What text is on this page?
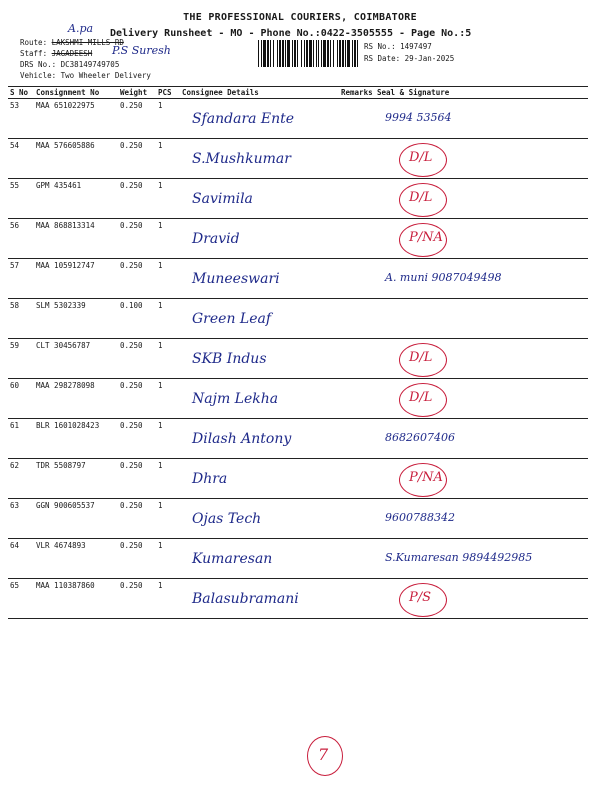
THE PROFESSIONAL COURIERS, COIMBATORE
A.pa Delivery Runsheet - MO - Phone No.:0422-3505555 - Page No.:5
Route: LAKSHMI MILLS RD
Staff: JAGADEESH P.S Suresh
DRS No.: DC38149749705
Vehicle: Two Wheeler Delivery
RS No.: 1497497
RS Date: 29-Jan-2025
S No	Consignment No	Weight	PCS	Consignee Details	Remarks	Seal & Signature
53	MAA 651022975	0.250	1	Sfandara Ente		9994 53564

54	MAA 576605886	0.250	1	S.Mushkumar		D/L

55	GPM 435461	0.250	1	Savimila		D/L

56	MAA 868813314	0.250	1	Dravid		P/NA

57	MAA 105912747	0.250	1	Muneeswari		A. muni 9087049498

58	SLM 5302339	0.100	1	Green Leaf		

59	CLT 30456787	0.250	1	SKB Indus		D/L

60	MAA 298278098	0.250	1	Najm Lekha		D/L

61	BLR 1601028423	0.250	1	Dilash Antony		8682607406

62	TDR 5508797	0.250	1	Dhra		P/NA

63	GGN 900605537	0.250	1	Ojas Tech		9600788342

64	VLR 4674893	0.250	1	Kumaresan		S.Kumaresan 9894492985

65	MAA 110387860	0.250	1	Balasubramani		P/S
7
